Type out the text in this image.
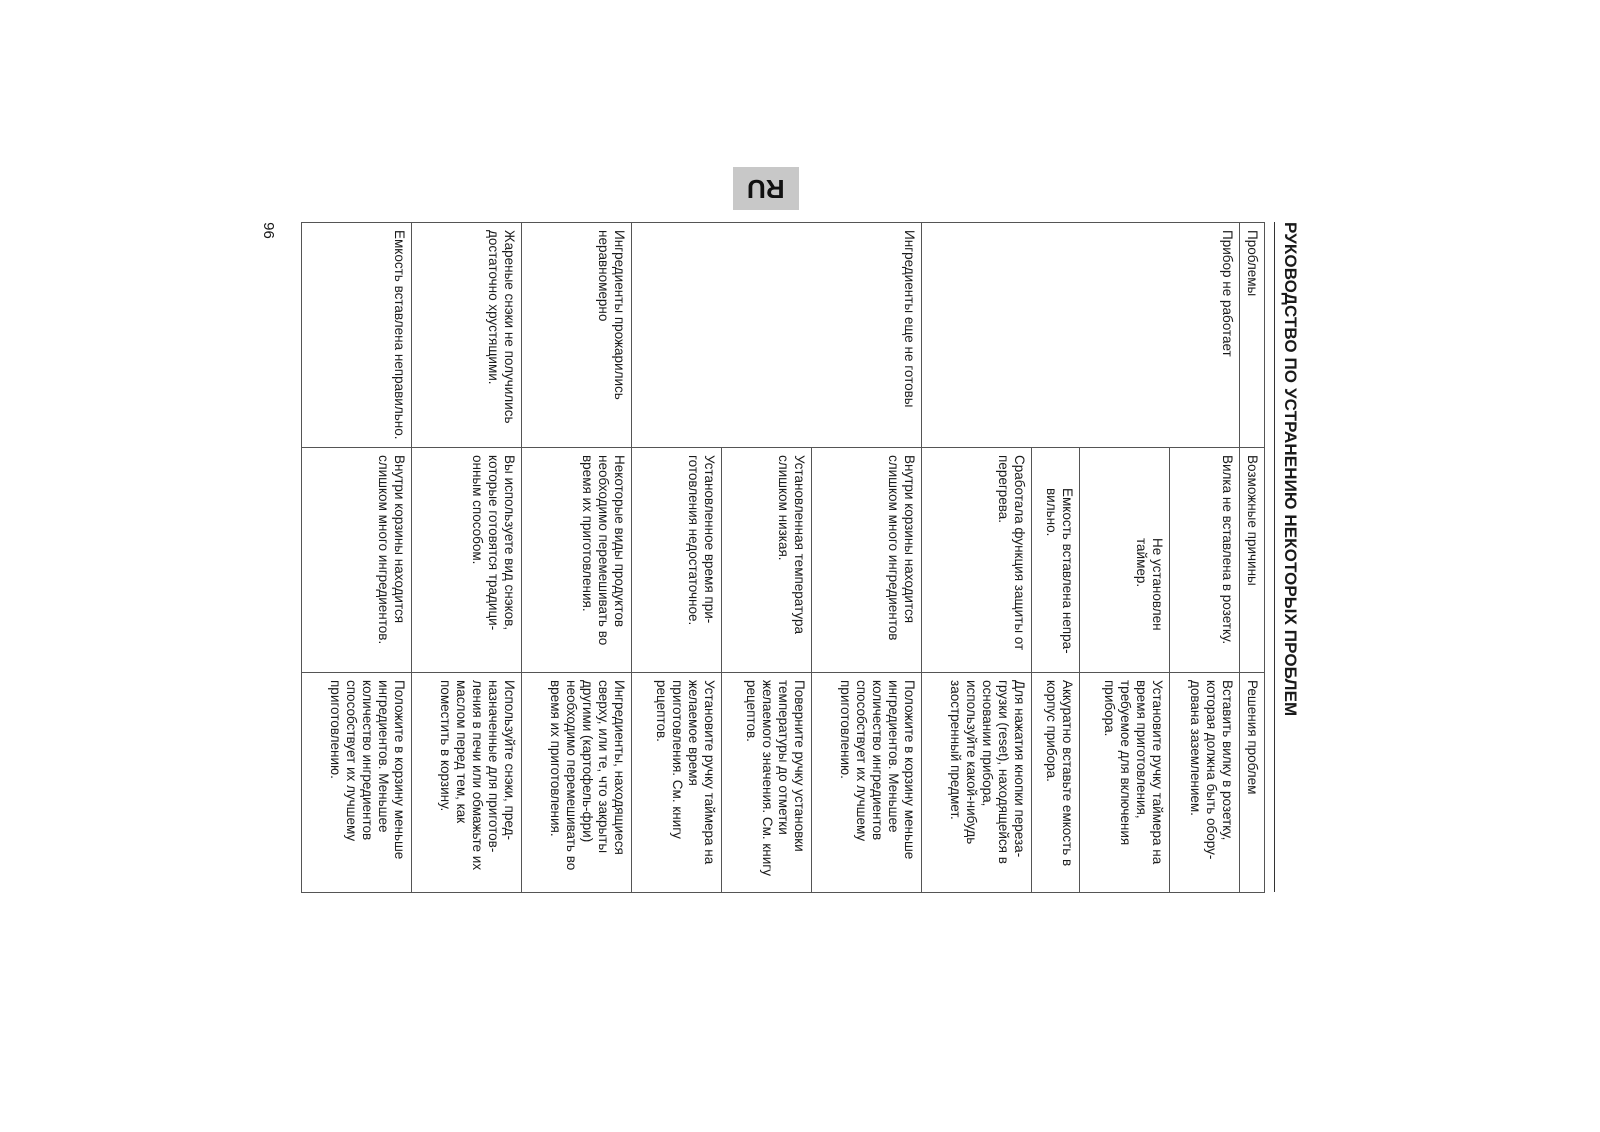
RU
96	РУКОВОДСТВО ПО УСТРАНЕНИЮ НЕКОТОРЫХ ПРОБЛЕМ
Проблемы	Возможные причины	Решения проблем
Прибор не работает	Вилка не вставлена в розетку.	Вставить вилку в розетку, которая должна быть оборудована заземлением.
	Не установлен таймер.	Установите ручку таймера на время приготовления, требуемое для включения прибора.
	Емкость вставлена неправильно.	Аккуратно вставьте емкость в корпус прибора.
	Сработала функция защиты от перегрева.	Для нажатия кнопки перезагрузки (reset), находящейся в основании прибора, используйте какой-нибудь заостренный предмет.
Ингредиенты еще не готовы	Внутри корзины находится слишком много ингредиентов	Положите в корзину меньше ингредиентов. Меньшее количество ингредиентов способствует их лучшему приготовлению.
	Установленная температура слишком низкая.	Поверните ручку установки температуры до отметки желаемого значения. См. книгу рецептов.
	Установленное время приготовления недостаточное.	Установите ручку таймера на желаемое время приготовления. См. книгу рецептов.
Ингредиенты прожарились неравномерно	Некоторые виды продуктов необходимо перемешивать во время их приготовления.	Ингредиенты, находящиеся сверху, или те, что закрыты другими (картофель-фри) необходимо перемешивать во время их приготовления.
Жареные снэки не получились достаточно хрустящими.	Вы используете вид снэков, которые готовятся традиционным способом.	Используйте снэки, предназначенные для приготовления в печи или обмажьте их маслом перед тем, как поместить в корзину.
Емкость вставлена неправильно.	Внутри корзины находится слишком много ингредиентов.	Положите в корзину меньше ингредиентов. Меньшее количество ингредиентов способствует их лучшему приготовлению.
